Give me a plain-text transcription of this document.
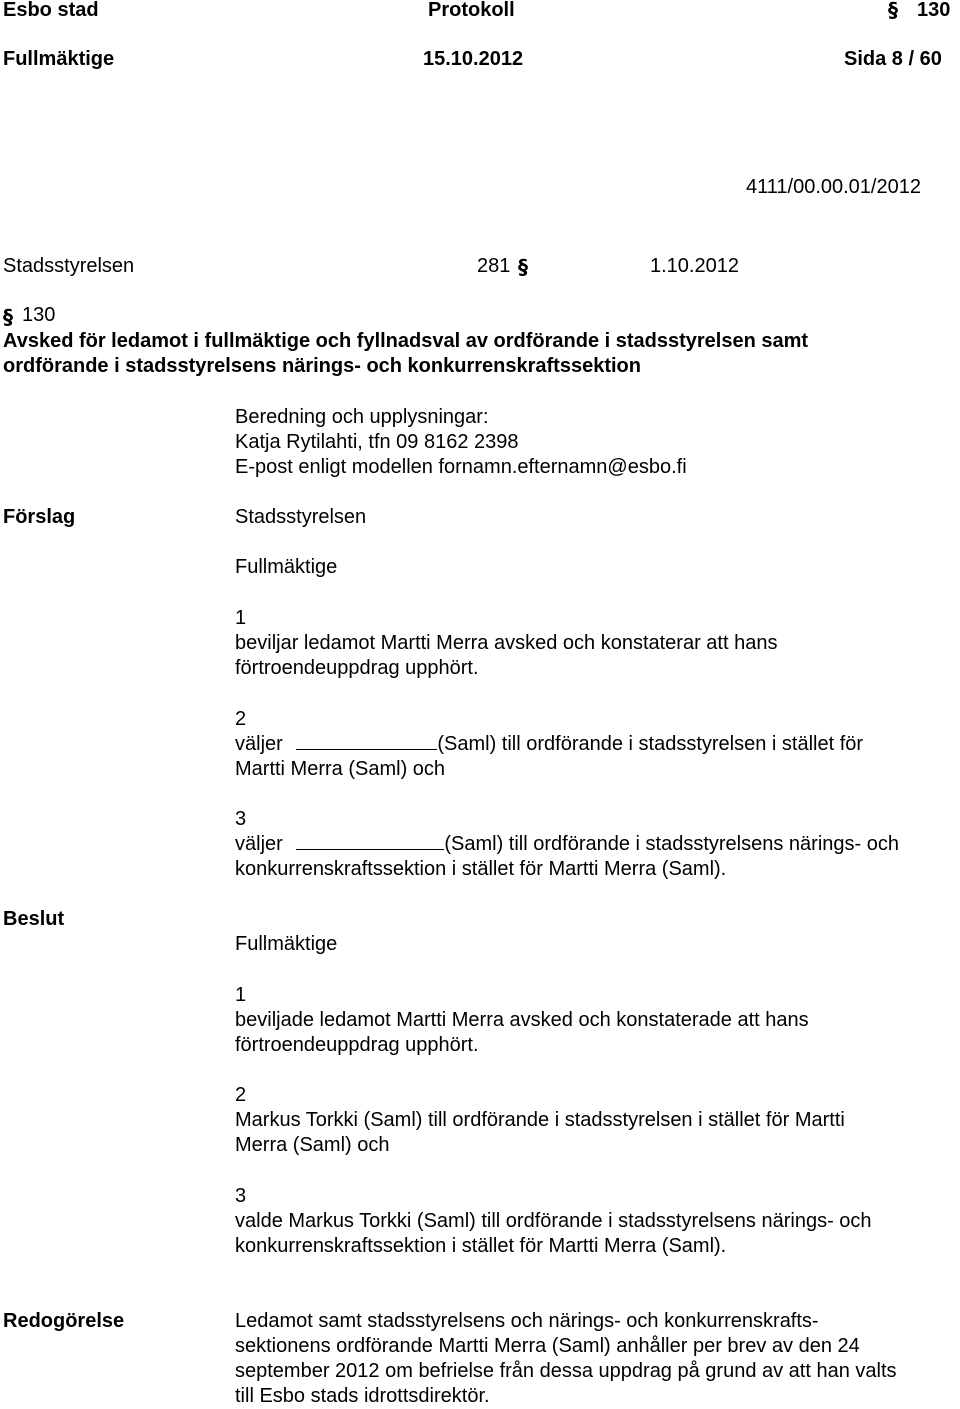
Esbo stad	Protokoll	§ 130
Fullmäktige	15.10.2012	Sida 8 / 60
4111/00.00.01/2012
Stadsstyrelsen	281 §	1.10.2012
§ 130
Avsked för ledamot i fullmäktige och fyllnadsval av ordförande i stadsstyrelsen samt
ordförande i stadsstyrelsens närings- och konkurrenskraftssektion
Beredning och upplysningar:
Katja Rytilahti, tfn 09 8162 2398
E-post enligt modellen fornamn.efternamn@esbo.fi
Förslag	Stadsstyrelsen
Fullmäktige
1
beviljar ledamot Martti Merra avsked och konstaterar att hans
förtroendeuppdrag upphört.
2
väljer	(Saml) till ordförande i stadsstyrelsen i stället för
Martti Merra (Saml) och
3
väljer	(Saml) till ordförande i stadsstyrelsens närings- och
konkurrenskraftssektion i stället för Martti Merra (Saml).
Beslut
Fullmäktige
1
beviljade ledamot Martti Merra avsked och konstaterade att hans
förtroendeuppdrag upphört.
2
Markus Torkki (Saml) till ordförande i stadsstyrelsen i stället för Martti
Merra (Saml) och
3
valde Markus Torkki (Saml) till ordförande i stadsstyrelsens närings- och
konkurrenskraftssektion i stället för Martti Merra (Saml).
Redogörelse	Ledamot samt stadsstyrelsens och närings- och konkurrenskrafts-
sektionens ordförande Martti Merra (Saml) anhåller per brev av den 24
september 2012 om befrielse från dessa uppdrag på grund av att han valts
till Esbo stads idrottsdirektör.
